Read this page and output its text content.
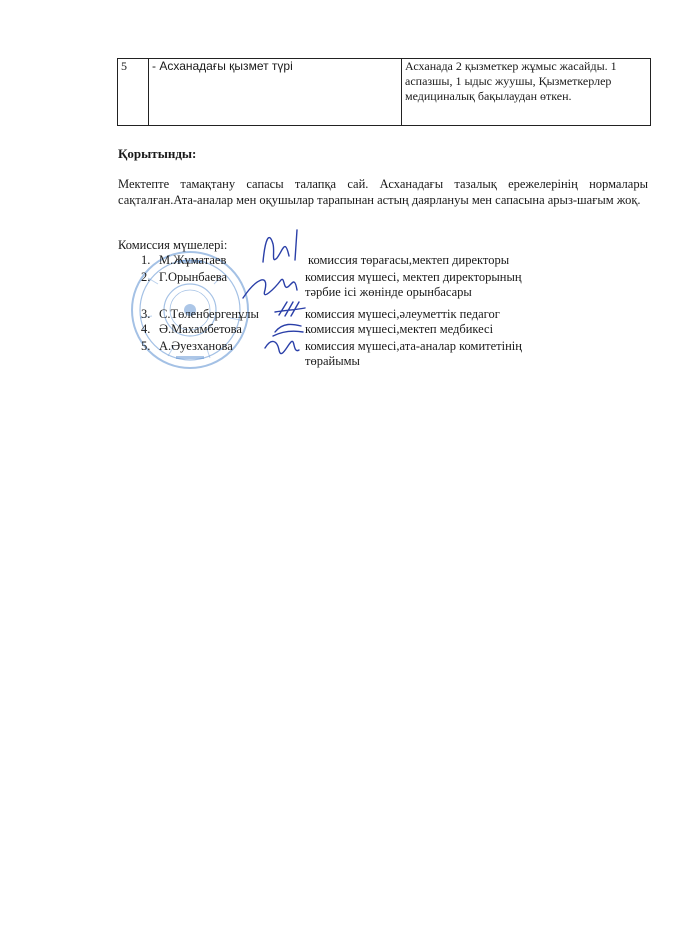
5	- Асханадағы қызмет түрі	Асханада 2 қызметкер жұмыс жасайды. 1 аспазшы, 1 ыдыс жуушы, Қызметкерлер медициналық бақылаудан өткен.
Қорытынды:
Мектепте тамақтану сапасы талапқа сай. Асханадағы тазалық ережелерінің нормалары сақталған.Ата-аналар мен оқушылар тарапынан астың даярлануы мен сапасына арыз-шағым жоқ.
Комиссия мүшелері:
1. М.Жұматаев	комиссия төрағасы,мектеп директоры
2. Г.Орынбаева	комиссия мүшесі, мектеп директорының тәрбие ісі жөнінде орынбасары
3. С.Төленбергенұлы	комиссия мүшесі,әлеуметтік педагог
4. Ә.Махамбетова	комиссия мүшесі,мектеп медбикесі
5. А.Әуезханова	комиссия мүшесі,ата-аналар комитетінің төрайымы
